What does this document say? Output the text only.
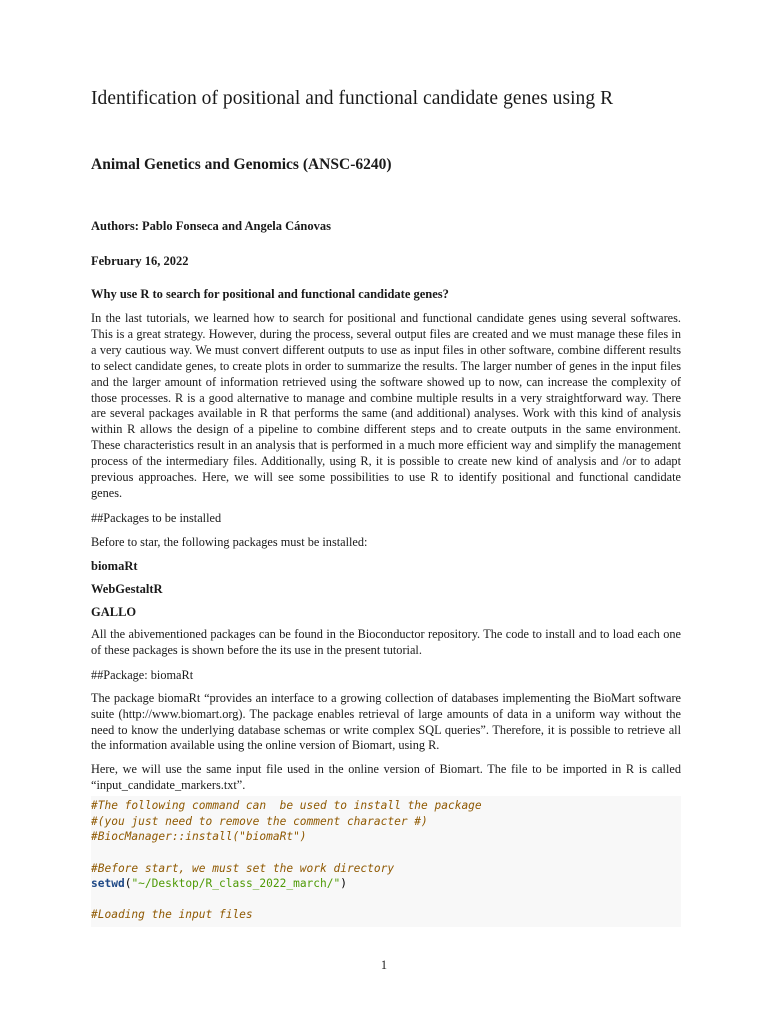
Identification of positional and functional candidate genes using R
Animal Genetics and Genomics (ANSC-6240)
Authors: Pablo Fonseca and Angela Cánovas
February 16, 2022
Why use R to search for positional and functional candidate genes?

In the last tutorials, we learned how to search for positional and functional candidate genes using several softwares. This is a great strategy. However, during the process, several output files are created and we must manage these files in a very cautious way. We must convert different outputs to use as input files in other software, combine different results to select candidate genes, to create plots in order to summarize the results. The larger number of genes in the input files and the larger amount of information retrieved using the software showed up to now, can increase the complexity of those processes. R is a good alternative to manage and combine multiple results in a very straightforward way. There are several packages available in R that performs the same (and additional) analyses. Work with this kind of analysis within R allows the design of a pipeline to combine different steps and to create outputs in the same environment. These characteristics result in an analysis that is performed in a much more efficient way and simplify the management process of the intermediary files. Additionally, using R, it is possible to create new kind of analysis and /or to adapt previous approaches. Here, we will see some possibilities to use R to identify positional and functional candidate genes.

##Packages to be installed

Before to star, the following packages must be installed:

biomaRt

WebGestaltR

GALLO

All the abivementioned packages can be found in the Bioconductor repository. The code to install and to load each one of these packages is shown before the its use in the present tutorial.

##Package: biomaRt

The package biomaRt “provides an interface to a growing collection of databases implementing the BioMart software suite (http://www.biomart.org). The package enables retrieval of large amounts of data in a uniform way without the need to know the underlying database schemas or write complex SQL queries”. Therefore, it is possible to retrieve all the information available using the online version of Biomart, using R.

Here, we will use the same input file used in the online version of Biomart. The file to be imported in R is called “input_candidate_markers.txt”.

#The following command can  be used to install the package
#(you just need to remove the comment character #)
#BiocManager::install("biomaRt")
#Before start, we must set the work directory
setwd("~/Desktop/R_class_2022_march/")
#Loading the input files
1
